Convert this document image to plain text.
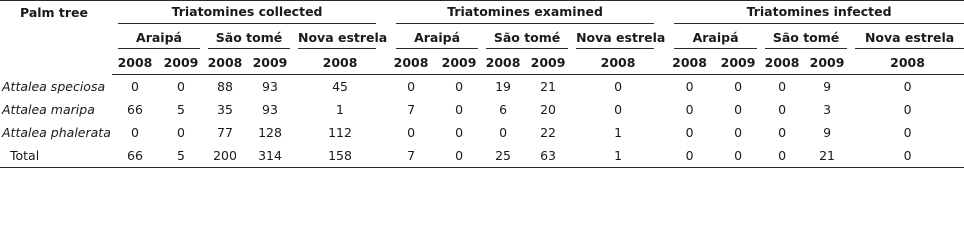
Palm tree	Triatomines collected					Triatomines examined					Triatomines infected				

	Araipá		São tomé		Nova estrela	Araipá		São tomé		Nova estrela	Araipá		São tomé		Nova estrela

	2008	2009	2008	2009	2008	2008	2009	2008	2009	2008	2008	2009	2008	2009	2008
Attalea speciosa	0	0	88	93	45	0	0	19	21	0	0	0	0	9	0
Attalea maripa	66	5	35	93	1	7	0	6	20	0	0	0	0	3	0
Attalea phalerata	0	0	77	128	112	0	0	0	22	1	0	0	0	9	0
Total	66	5	200	314	158	7	0	25	63	1	0	0	0	21	0
